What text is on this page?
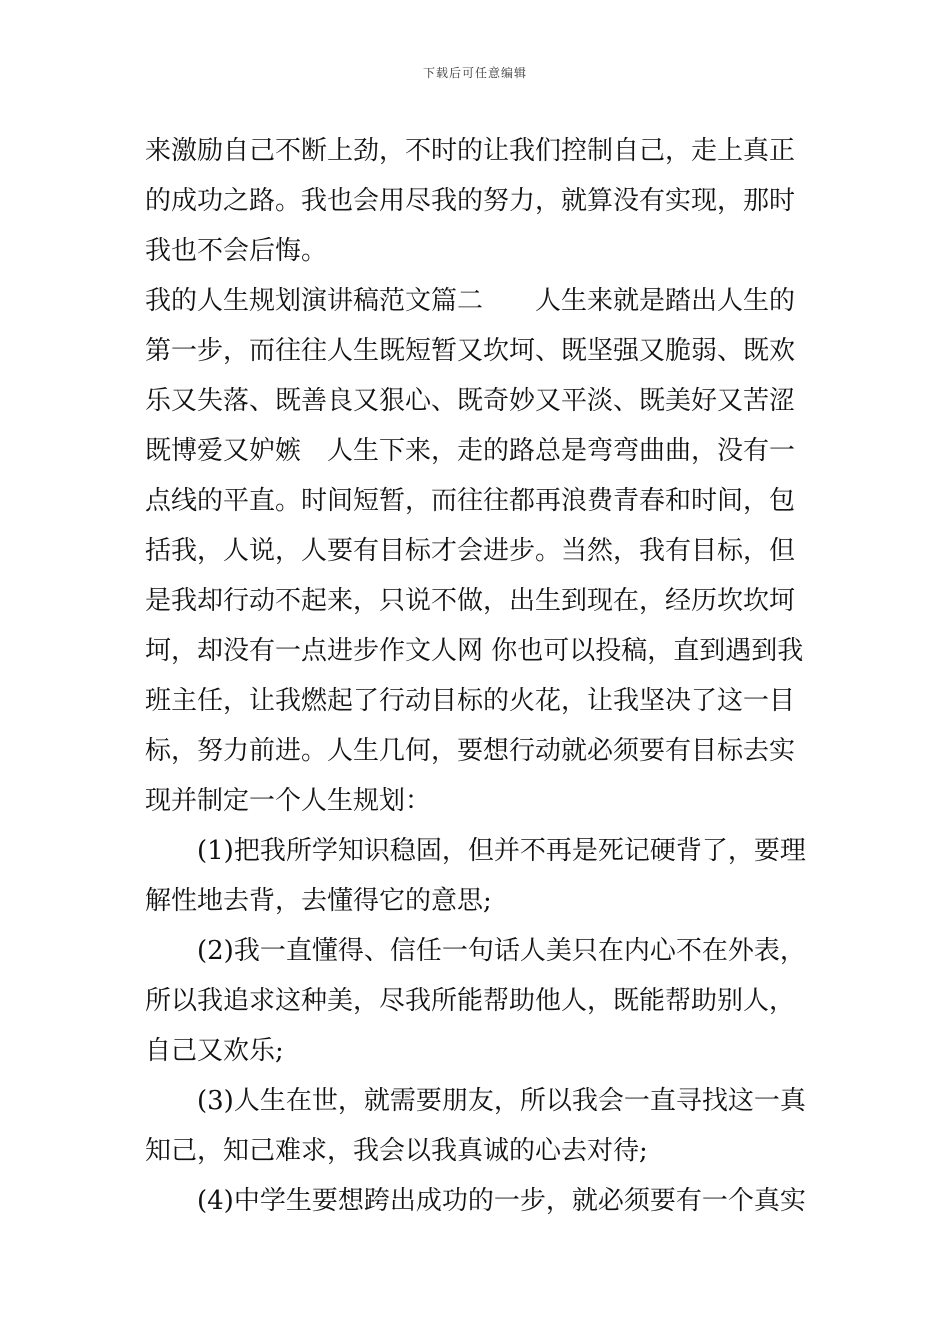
下载后可任意编辑
来激励自己不断上劲，不时的让我们控制自己，走上真正
的成功之路。我也会用尽我的努力，就算没有实现，那时
我也不会后悔。
我的人生规划演讲稿范文篇二　　人生来就是踏出人生的
第一步，而往往人生既短暂又坎坷、既坚强又脆弱、既欢
乐又失落、既善良又狠心、既奇妙又平淡、既美好又苦涩
既博爱又妒嫉　人生下来，走的路总是弯弯曲曲，没有一
点线的平直。时间短暂，而往往都再浪费青春和时间，包
括我，人说，人要有目标才会进步。当然，我有目标，但
是我却行动不起来，只说不做，出生到现在，经历坎坎坷
坷，却没有一点进步作文人网 你也可以投稿，直到遇到我
班主任，让我燃起了行动目标的火花，让我坚决了这一目
标，努力前进。人生几何，要想行动就必须要有目标去实
现并制定一个人生规划：
(1)把我所学知识稳固，但并不再是死记硬背了，要理
解性地去背，去懂得它的意思;
(2)我一直懂得、信任一句话人美只在内心不在外表，
所以我追求这种美，尽我所能帮助他人，既能帮助别人，
自己又欢乐;
(3)人生在世，就需要朋友，所以我会一直寻找这一真
知己，知己难求，我会以我真诚的心去对待;
(4)中学生要想跨出成功的一步，就必须要有一个真实
